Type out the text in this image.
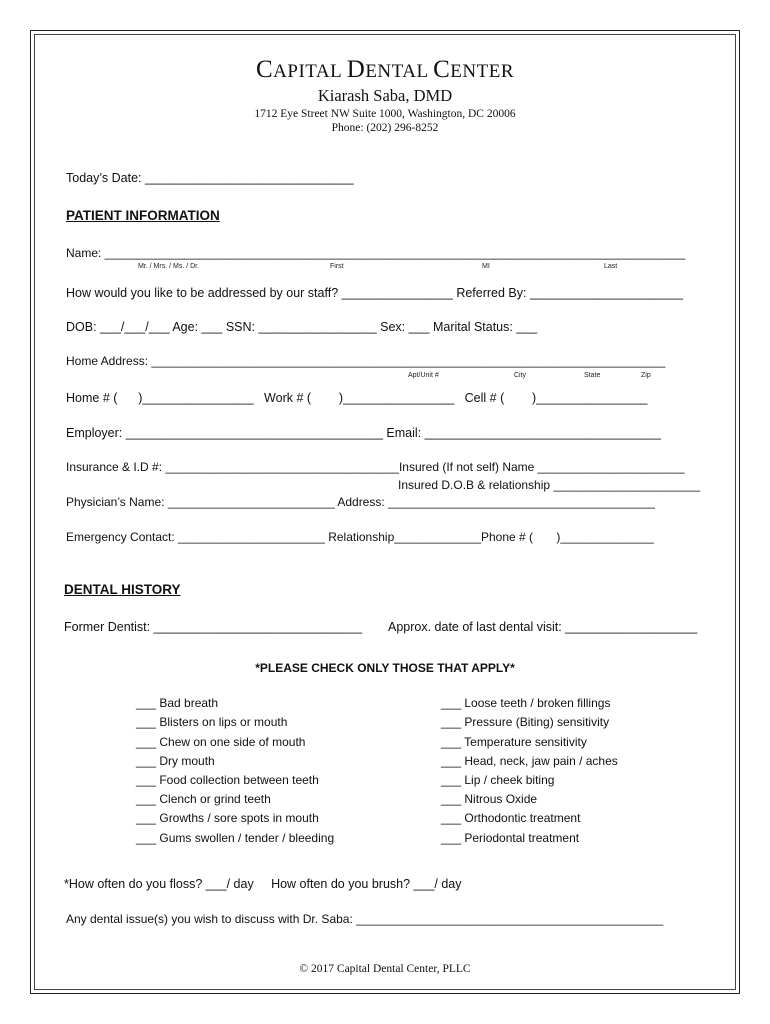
CAPITAL DENTAL CENTER
Kiarash Saba, DMD
1712 Eye Street NW Suite 1000, Washington, DC 20006
Phone: (202) 296-8252
Today’s Date: ______________________________
PATIENT INFORMATION
Name: _______________________________________________________________________________________
Mr. / Mrs. / Ms. / Dr.	First	MI	Last
How would you like to be addressed by our staff? ________________ Referred By: ______________________
DOB: ___/___/___ Age: ___ SSN: _________________ Sex: ___ Marital Status: ___
Home Address: _____________________________________________________________________________
Apt/Unit #	City	State	Zip
Home # (      )________________   Work # (        )________________   Cell # (        )________________
Employer: _____________________________________ Email: __________________________________
Insurance & I.D #: ___________________________________Insured (If not self) Name ______________________
Insured D.O.B & relationship ______________________
Physician’s Name: _________________________ Address: ________________________________________
Emergency Contact: ______________________ Relationship_____________Phone # (       )______________
DENTAL HISTORY
Former Dentist: ______________________________ Approx. date of last dental visit: ___________________
*PLEASE CHECK ONLY THOSE THAT APPLY*
___ Bad breath
___ Blisters on lips or mouth
___ Chew on one side of mouth
___ Dry mouth
___ Food collection between teeth
___ Clench or grind teeth
___ Growths / sore spots in mouth
___ Gums swollen / tender / bleeding
___ Loose teeth / broken fillings
___ Pressure (Biting) sensitivity
___ Temperature sensitivity
___ Head, neck, jaw pain / aches
___ Lip / cheek biting
___ Nitrous Oxide
___ Orthodontic treatment
___ Periodontal treatment
*How often do you floss? ___/ day     How often do you brush? ___/ day
Any dental issue(s) you wish to discuss with Dr. Saba: ______________________________________________
© 2017 Capital Dental Center, PLLC
